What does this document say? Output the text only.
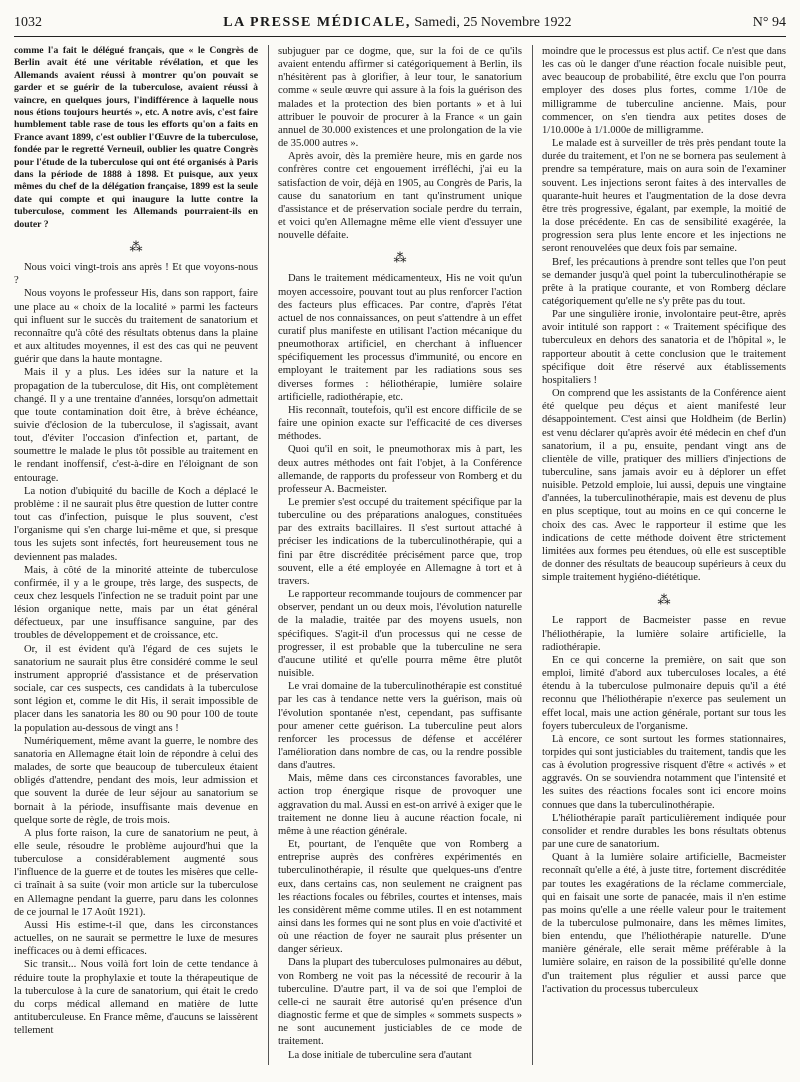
1032	LA PRESSE MÉDICALE, Samedi, 25 Novembre 1922	N° 94

comme l'a fait le délégué français, que « le Congrès de Berlin avait été une véritable révélation, et que les Allemands avaient réussi à montrer qu'on pouvait se garder et se guérir de la tuberculose, avaient réussi à vaincre, en quelques jours, l'indifférence à laquelle nous nous étions toujours heurtés », etc. A notre avis, c'est faire humblement table rase de tous les efforts qu'on a faits en France avant 1899, c'est oublier l'Œuvre de la tuberculose, fondée par le regretté Verneuil, oublier les quatre Congrès pour l'étude de la tuberculose qui ont été organisés à Paris dans la période de 1888 à 1898. Et puisque, aux yeux mêmes du chef de la délégation française, 1899 est la seule date qui compte et qui inaugure la lutte contre la tuberculose, comment les Allemands pourraient-ils en douter ?

⁂

Nous voici vingt-trois ans après ! Et que voyons-nous ?

Nous voyons le professeur His, dans son rapport, faire une place au « choix de la localité » parmi les facteurs qui influent sur le succès du traitement de sanatorium et reconnaître qu'à côté des résultats obtenus dans la plaine et aux altitudes moyennes, il est des cas qui ne peuvent guérir que dans la haute montagne.

Mais il y a plus. Les idées sur la nature et la propagation de la tuberculose, dit His, ont complètement changé. Il y a une trentaine d'années, lorsqu'on admettait que toute contamination doit être, à brève échéance, suivie d'éclosion de la tuberculose, il s'agissait, avant tout, d'éviter l'occasion d'infection et, partant, de soumettre le malade le plus tôt possible au traitement en le rendant inoffensif, c'est-à-dire en l'éloignant de son entourage.

La notion d'ubiquité du bacille de Koch a déplacé le problème : il ne saurait plus être question de lutter contre tout cas d'infection, puisque le plus souvent, c'est l'organisme qui s'en charge lui-même et que, si presque tous les sujets sont infectés, fort heureusement tous ne deviennent pas malades.

Mais, à côté de la minorité atteinte de tuberculose confirmée, il y a le groupe, très large, des suspects, de ceux chez lesquels l'infection ne se traduit point par une lésion organique nette, mais par un état général défectueux, par une insuffisance sanguine, par des troubles de développement et de croissance, etc.

Or, il est évident qu'à l'égard de ces sujets le sanatorium ne saurait plus être considéré comme le seul instrument approprié d'assistance et de préservation sociale, car ces suspects, ces candidats à la tuberculose sont légion et, comme le dit His, il serait impossible de placer dans les sanatoria les 80 ou 90 pour 100 de toute la population au-dessous de vingt ans !

Numériquement, même avant la guerre, le nombre des sanatoria en Allemagne était loin de répondre à celui des malades, de sorte que beaucoup de tuberculeux étaient obligés d'attendre, pendant des mois, leur admission et que souvent la durée de leur séjour au sanatorium se bornait à la période, insuffisante mais devenue en quelque sorte de règle, de trois mois.

A plus forte raison, la cure de sanatorium ne peut, à elle seule, résoudre le problème aujourd'hui que la tuberculose a considérablement augmenté sous l'influence de la guerre et de toutes les misères que celle-ci traînait à sa suite (voir mon article sur la tuberculose en Allemagne pendant la guerre, paru dans les colonnes de ce journal le 17 Août 1921).

Aussi His estime-t-il que, dans les circonstances actuelles, on ne saurait se permettre le luxe de mesures inefficaces ou à demi efficaces.

Sic transit... Nous voilà fort loin de cette tendance à réduire toute la prophylaxie et toute la thérapeutique de la tuberculose à la cure de sanatorium, qui était le credo du corps médical allemand en matière de lutte antituberculeuse. En France même, d'aucuns se laissèrent tellement

subjuguer par ce dogme, que, sur la foi de ce qu'ils avaient entendu affirmer si catégoriquement à Berlin, ils n'hésitèrent pas à glorifier, à leur tour, le sanatorium comme « seule œuvre qui assure à la fois la guérison des malades et la protection des bien portants » et à lui attribuer le pouvoir de procurer à la France « un gain annuel de 30.000 existences et une prolongation de la vie de 35.000 autres ».

Après avoir, dès la première heure, mis en garde nos confrères contre cet engouement irréfléchi, j'ai eu la satisfaction de voir, déjà en 1905, au Congrès de Paris, la cause du sanatorium en tant qu'instrument unique d'assistance et de préservation sociale perdre du terrain, et voici qu'en Allemagne même elle vient d'essuyer une nouvelle défaite.

⁂

Dans le traitement médicamenteux, His ne voit qu'un moyen accessoire, pouvant tout au plus renforcer l'action des facteurs plus efficaces. Par contre, d'après l'état actuel de nos connaissances, on peut s'attendre à un effet curatif plus manifeste en utilisant l'action mécanique du pneumothorax artificiel, en cherchant à influencer spécifiquement les processus d'immunité, ou encore en employant le traitement par les radiations sous ses diverses formes : héliothérapie, lumière solaire artificielle, radiothérapie, etc.

His reconnaît, toutefois, qu'il est encore difficile de se faire une opinion exacte sur l'efficacité de ces diverses méthodes.

Quoi qu'il en soit, le pneumothorax mis à part, les deux autres méthodes ont fait l'objet, à la Conférence allemande, de rapports du professeur von Romberg et du professeur A. Bacmeister.

Le premier s'est occupé du traitement spécifique par la tuberculine ou des préparations analogues, constituées par des extraits bacillaires. Il s'est surtout attaché à préciser les indications de la tuberculinothérapie, qui a fini par être discréditée précisément parce que, trop souvent, elle a été employée en Allemagne à tort et à travers.

Le rapporteur recommande toujours de commencer par observer, pendant un ou deux mois, l'évolution naturelle de la maladie, traitée par des moyens usuels, non spécifiques. S'agit-il d'un processus qui ne cesse de progresser, il est probable que la tuberculine ne sera d'aucune utilité et qu'elle pourra même être plutôt nuisible.

Le vrai domaine de la tuberculinothérapie est constitué par les cas à tendance nette vers la guérison, mais où l'évolution spontanée n'est, cependant, pas suffisante pour amener cette guérison. La tuberculine peut alors renforcer les processus de défense et accélérer l'amélioration dans nombre de cas, ou la rendre possible dans d'autres.

Mais, même dans ces circonstances favorables, une action trop énergique risque de provoquer une aggravation du mal. Aussi en est-on arrivé à exiger que le traitement ne donne lieu à aucune réaction focale, ni même à une réaction générale.

Et, pourtant, de l'enquête que von Romberg a entreprise auprès des confrères expérimentés en tuberculinothérapie, il résulte que quelques-uns d'entre eux, dans certains cas, non seulement ne craignent pas les réactions focales ou fébriles, courtes et intenses, mais les considèrent même comme utiles. Il en est notamment ainsi dans les formes qui ne sont plus en voie d'activité et où une réaction de foyer ne saurait plus présenter un danger sérieux.

Dans la plupart des tuberculoses pulmonaires au début, von Romberg ne voit pas la nécessité de recourir à la tuberculine. D'autre part, il va de soi que l'emploi de celle-ci ne saurait être autorisé qu'en présence d'un diagnostic ferme et que de simples « sommets suspects » ne sont aucunement justiciables de ce mode de traitement.

La dose initiale de tuberculine sera d'autant

moindre que le processus est plus actif. Ce n'est que dans les cas où le danger d'une réaction focale nuisible peut, avec beaucoup de probabilité, être exclu que l'on pourra employer des doses plus fortes, comme 1/10e de milligramme de tuberculine ancienne. Mais, pour commencer, on s'en tiendra aux petites doses de 1/10.000e à 1/1.000e de milligramme.

Le malade est à surveiller de très près pendant toute la durée du traitement, et l'on ne se bornera pas seulement à prendre sa température, mais on aura soin de l'examiner souvent. Les injections seront faites à des intervalles de quarante-huit heures et l'augmentation de la dose devra être très progressive, égalant, par exemple, la moitié de la dose précédente. En cas de sensibilité exagérée, la progression sera plus lente encore et les injections ne seront renouvelées que deux fois par semaine.

Bref, les précautions à prendre sont telles que l'on peut se demander jusqu'à quel point la tuberculinothérapie se prête à la pratique courante, et von Romberg déclare catégoriquement qu'elle ne s'y prête pas du tout.

Par une singulière ironie, involontaire peut-être, après avoir intitulé son rapport : « Traitement spécifique des tuberculeux en dehors des sanatoria et de l'hôpital », le rapporteur aboutit à cette conclusion que le traitement spécifique doit être réservé aux établissements hospitaliers !

On comprend que les assistants de la Conférence aient été quelque peu déçus et aient manifesté leur désappointement. C'est ainsi que Holdheim (de Berlin) est venu déclarer qu'après avoir été médecin en chef d'un sanatorium, il a pu, ensuite, pendant vingt ans de clientèle de ville, pratiquer des milliers d'injections de tuberculine, sans jamais avoir eu à déplorer un effet nuisible. Petzold emploie, lui aussi, depuis une vingtaine d'années, la tuberculinothérapie, mais est devenu de plus en plus sceptique, tout au moins en ce qui concerne le choix des cas. Avec le rapporteur il estime que les indications de cette méthode doivent être strictement limitées aux formes peu étendues, où elle est susceptible de donner des résultats de beaucoup supérieurs à ceux du simple traitement hygiéno-diététique.

⁂

Le rapport de Bacmeister passe en revue l'héliothérapie, la lumière solaire artificielle, la radiothérapie.

En ce qui concerne la première, on sait que son emploi, limité d'abord aux tuberculoses locales, a été étendu à la tuberculose pulmonaire depuis qu'il a été reconnu que l'héliothérapie n'exerce pas seulement un effet local, mais une action générale, portant sur tous les foyers tuberculeux de l'organisme.

Là encore, ce sont surtout les formes stationnaires, torpides qui sont justiciables du traitement, tandis que les cas à évolution progressive risquent d'être « activés » et aggravés. On se souviendra notamment que l'intensité et les suites des réactions focales sont ici encore moins connues que dans la tuberculinothérapie.

L'héliothérapie paraît particulièrement indiquée pour consolider et rendre durables les bons résultats obtenus par une cure de sanatorium.

Quant à la lumière solaire artificielle, Bacmeister reconnaît qu'elle a été, à juste titre, fortement discréditée par toutes les exagérations de la réclame commerciale, qui en faisait une sorte de panacée, mais il n'en estime pas moins qu'elle a une réelle valeur pour le traitement de la tuberculose pulmonaire, dans les mêmes limites, bien entendu, que l'héliothérapie naturelle. D'une manière générale, elle serait même préférable à la lumière solaire, en raison de la possibilité qu'elle donne d'un traitement plus régulier et aussi parce que l'activation du processus tuberculeux
